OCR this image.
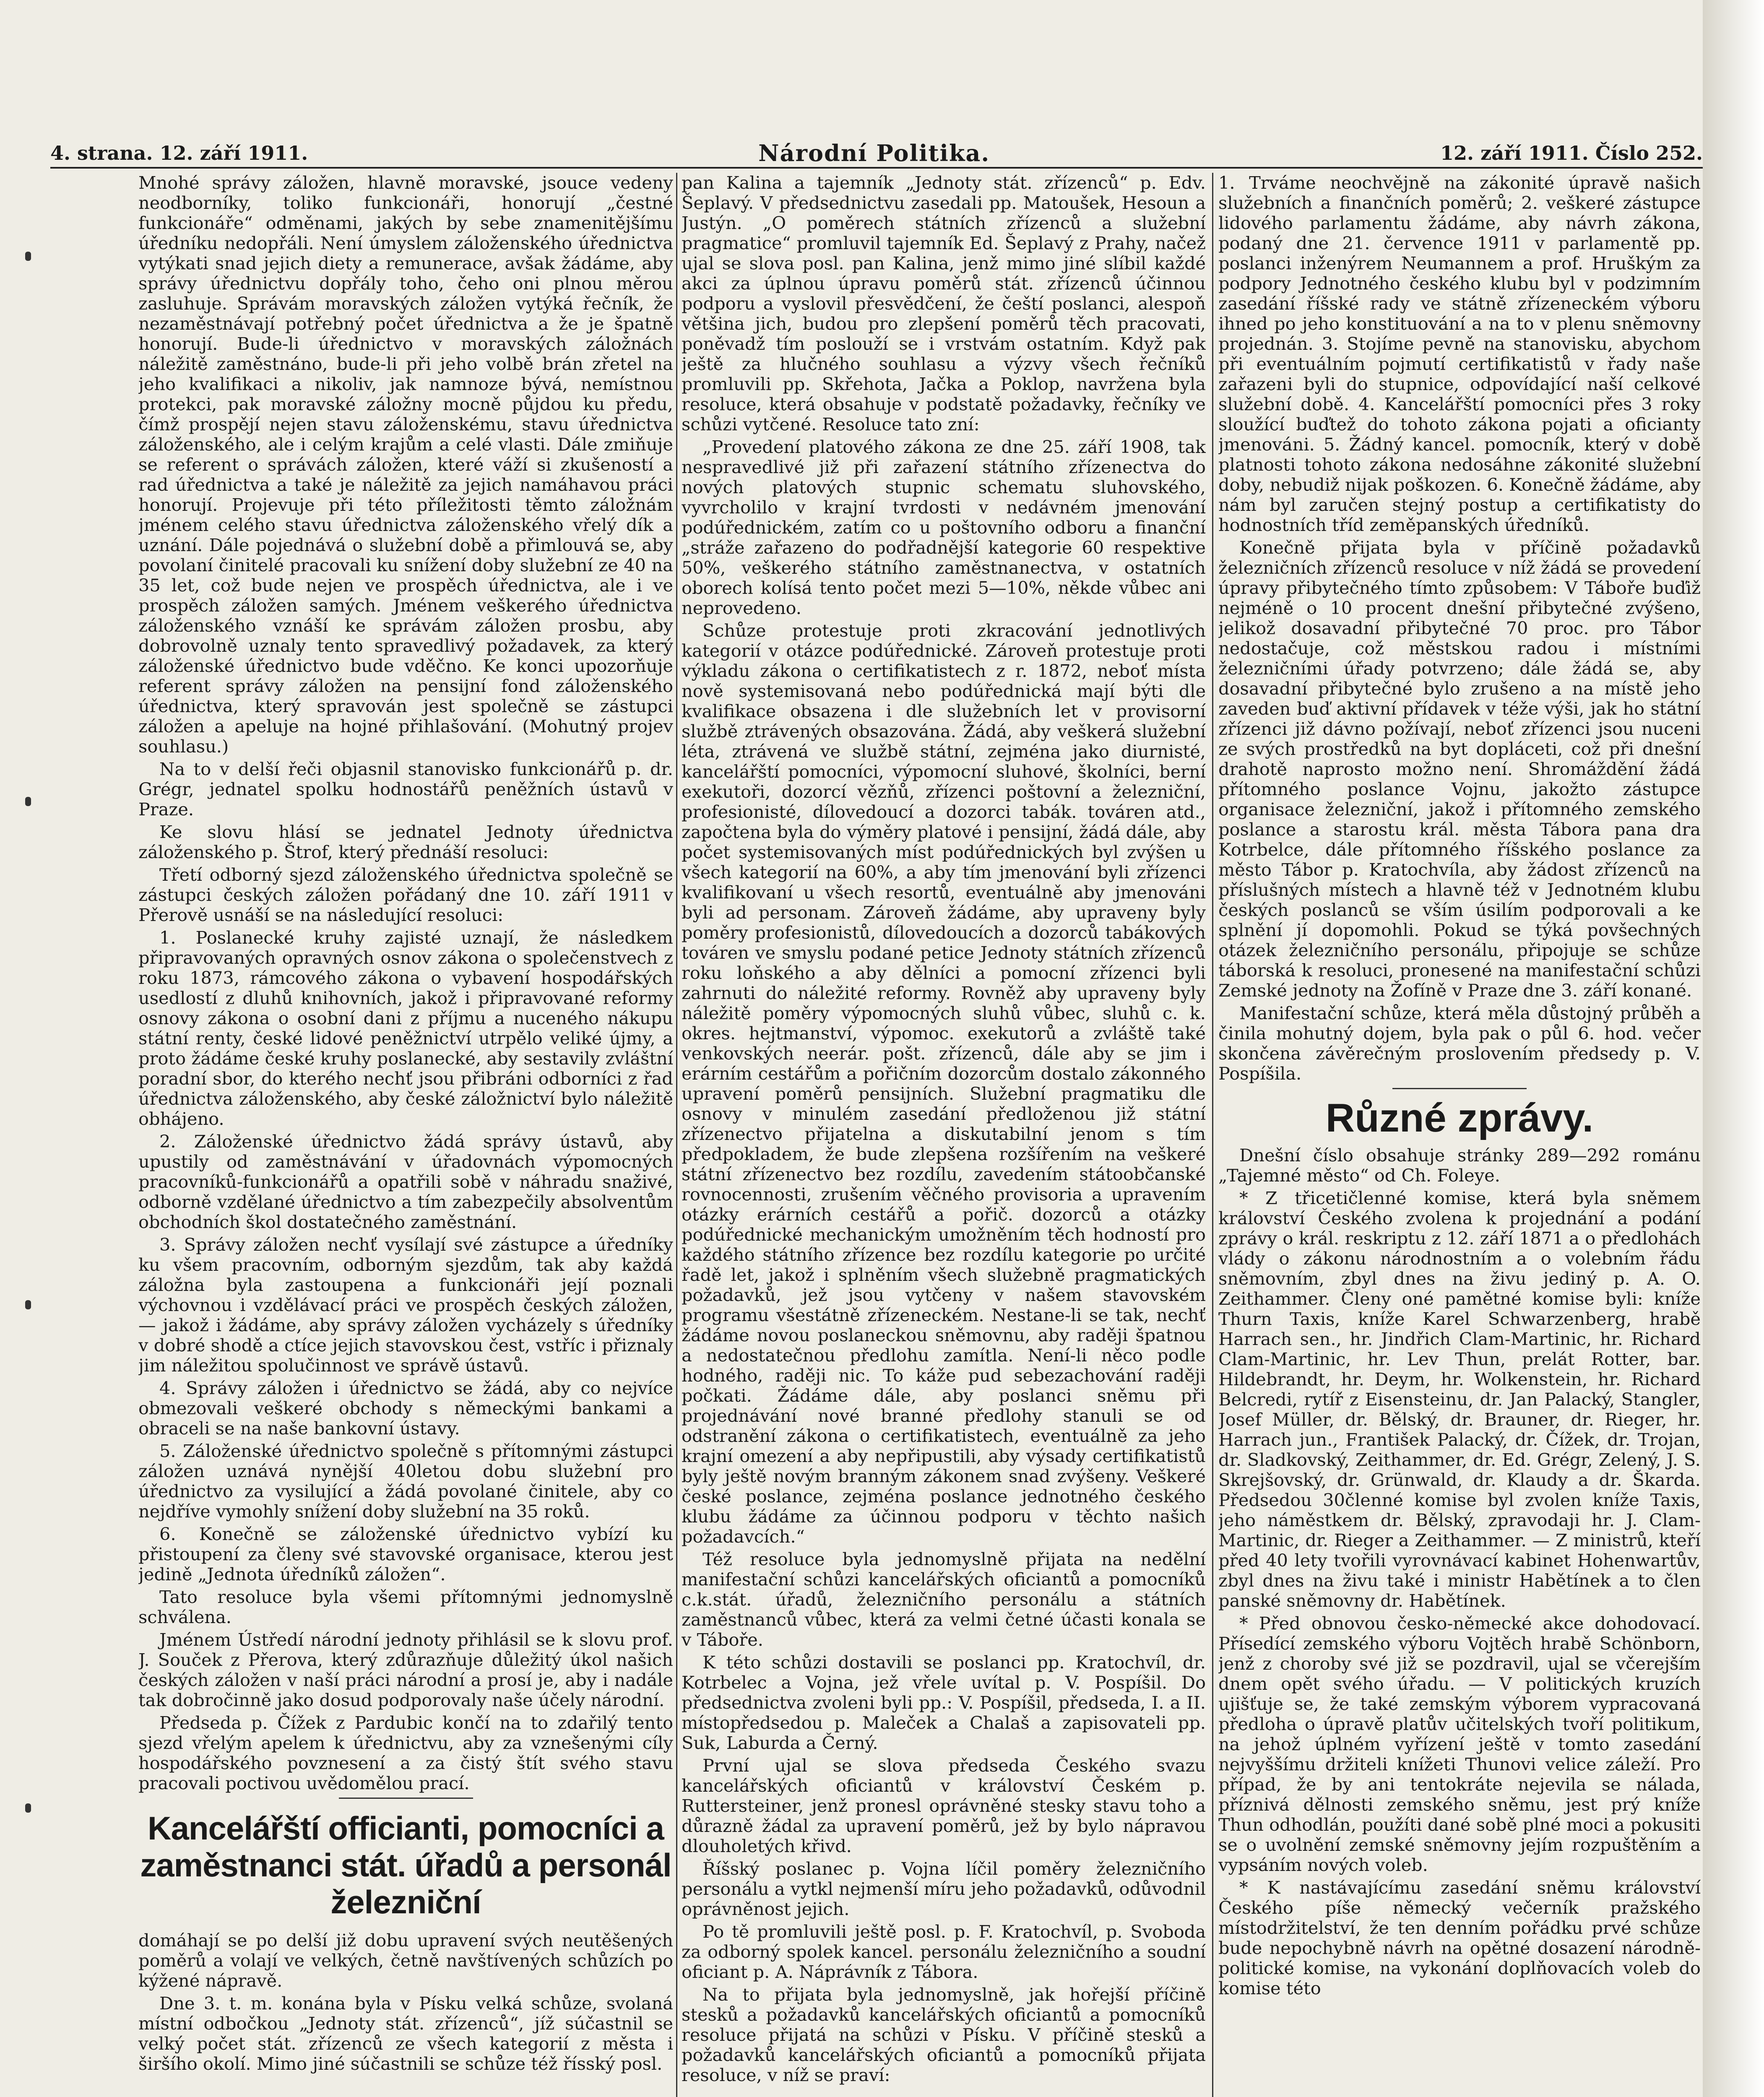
4. strana. 12. září 1911.	Národní Politika.	12. září 1911. Číslo 252.

Mnohé správy záložen, hlavně moravské, jsouce vedeny neodborníky, toliko funkcionáři, honorují „čestné funkcionáře“ odměnami, jakých by sebe znamenitějšímu úředníku nedopřáli. Není úmyslem záloženského úřednictva vytýkati snad jejich diety a remunerace, avšak žádáme, aby správy úřednictvu dopřály toho, čeho oni plnou měrou zasluhuje. Správám moravských záložen vytýká řečník, že nezaměstnávají potřebný počet úřednictva a že je špatně honorují. Bude-li úřednictvo v moravských záložnách náležitě zaměstnáno, bude-li při jeho volbě brán zřetel na jeho kvalifikaci a nikoliv, jak namnoze bývá, nemístnou protekci, pak moravské záložny mocně půjdou ku předu, čímž prospějí nejen stavu záloženskému, stavu úřednictva záloženského, ale i celým krajům a celé vlasti. Dále zmiňuje se referent o správách záložen, které váží si zkušeností a rad úřednictva a také je náležitě za jejich namáhavou práci honorují. Projevuje při této příležitosti těmto záložnám jménem celého stavu úřednictva záloženského vřelý dík a uznání. Dále pojednává o služební době a přimlouvá se, aby povolaní činitelé pracovali ku snížení doby služební ze 40 na 35 let, což bude nejen ve prospěch úřednictva, ale i ve prospěch záložen samých. Jménem veškerého úřednictva záloženského vznáší ke správám záložen prosbu, aby dobrovolně uznaly tento spravedlivý požadavek, za který záloženské úřednictvo bude vděčno. Ke konci upozorňuje referent správy záložen na pensijní fond záloženského úřednictva, který spravován jest společně se zástupci záložen a apeluje na hojné přihlašování. (Mohutný projev souhlasu.)

Na to v delší řeči objasnil stanovisko funkcionářů p. dr. Grégr, jednatel spolku hodnostářů peněžních ústavů v Praze.

Ke slovu hlásí se jednatel Jednoty úřednictva záloženského p. Štrof, který přednáší resoluci:

Třetí odborný sjezd záloženského úřednictva společně se zástupci českých záložen pořádaný dne 10. září 1911 v Přerově usnáší se na následující resoluci:

1. Poslanecké kruhy zajisté uznají, že následkem připravovaných opravných osnov zákona o společenstvech z roku 1873, rámcového zákona o vybavení hospodářských usedlostí z dluhů knihovních, jakož i připravované reformy osnovy zákona o osobní dani z příjmu a nuceného nákupu státní renty, české lidové peněžnictví utrpělo veliké újmy, a proto žádáme české kruhy poslanecké, aby sestavily zvláštní poradní sbor, do kterého nechť jsou přibráni odborníci z řad úřednictva záloženského, aby české záložnictví bylo náležitě obhájeno.

2. Záloženské úřednictvo žádá správy ústavů, aby upustily od zaměstnávání v úřadovnách výpomocných pracovníků-funkcionářů a opatřili sobě v náhradu snaživé, odborně vzdělané úřednictvo a tím zabezpečily absolventům obchodních škol dostatečného zaměstnání.

3. Správy záložen nechť vysílají své zástupce a úředníky ku všem pracovním, odborným sjezdům, tak aby každá záložna byla zastoupena a funkcionáři její poznali výchovnou i vzdělávací práci ve prospěch českých záložen, — jakož i žádáme, aby správy záložen vycházely s úředníky v dobré shodě a ctíce jejich stavovskou čest, vstříc i přiznaly jim náležitou spolučinnost ve správě ústavů.

4. Správy záložen i úřednictvo se žádá, aby co nejvíce obmezovali veškeré obchody s německými bankami a obraceli se na naše bankovní ústavy.

5. Záloženské úřednictvo společně s přítomnými zástupci záložen uznává nynější 40letou dobu služební pro úřednictvo za vysilující a žádá povolané činitele, aby co nejdříve vymohly snížení doby služební na 35 roků.

6. Konečně se záloženské úřednictvo vybízí ku přistoupení za členy své stavovské organisace, kterou jest jedině „Jednota úředníků záložen“.

Tato resoluce byla všemi přítomnými jednomyslně schválena.

Jménem Ústředí národní jednoty přihlásil se k slovu prof. J. Souček z Přerova, který zdůrazňuje důležitý úkol našich českých záložen v naší práci národní a prosí je, aby i nadále tak dobročinně jako dosud podporovaly naše účely národní.

Předseda p. Čížek z Pardubic končí na to zdařilý tento sjezd vřelým apelem k úřednictvu, aby za vznešenými cíly hospodářského povznesení a za čistý štít svého stavu pracovali poctivou uvědomělou prací.

Kancelářští officianti, pomocníci a zaměstnanci stát. úřadů a personál železniční

domáhají se po delší již dobu upravení svých neutěšených poměrů a volají ve velkých, četně navštívených schůzích po kýžené nápravě.

Dne 3. t. m. konána byla v Písku velká schůze, svolaná místní odbočkou „Jednoty stát. zřízenců“, jíž súčastnil se velký počet stát. zřízenců ze všech kategorií z města i širšího okolí. Mimo jiné súčastnili se schůze též řísský posl.

pan Kalina a tajemník „Jednoty stát. zřízenců“ p. Edv. Šeplavý. V předsednictvu zasedali pp. Matoušek, Hesoun a Justýn. „O poměrech státních zřízenců a služební pragmatice“ promluvil tajemník Ed. Šeplavý z Prahy, načež ujal se slova posl. pan Kalina, jenž mimo jiné slíbil každé akci za úplnou úpravu poměrů stát. zřízenců účinnou podporu a vyslovil přesvědčení, že čeští poslanci, alespoň většina jich, budou pro zlepšení poměrů těch pracovati, poněvadž tím poslouží se i vrstvám ostatním. Když pak ještě za hlučného souhlasu a výzvy všech řečníků promluvili pp. Skřehota, Jačka a Poklop, navržena byla resoluce, která obsahuje v podstatě požadavky, řečníky ve schůzi vytčené. Resoluce tato zní:

„Provedení platového zákona ze dne 25. září 1908, tak nespravedlivé již při zařazení státního zřízenectva do nových platových stupnic schematu sluhovského, vyvrcholilo v krajní tvrdosti v nedávném jmenování podúřednickém, zatím co u poštovního odboru a finanční „stráže zařazeno do podřadnější kategorie 60 respektive 50%, veškerého státního zaměstnanectva, v ostatních oborech kolísá tento počet mezi 5—10%, někde vůbec ani neprovedeno.

Schůze protestuje proti zkracování jednotlivých kategorií v otázce podúřednické. Zároveň protestuje proti výkladu zákona o certifikatistech z r. 1872, neboť místa nově systemisovaná nebo podúřednická mají býti dle kvalifikace obsazena i dle služebních let v provisorní službě ztrávených obsazována. Žádá, aby veškerá služební léta, ztrávená ve službě státní, zejména jako diurnisté, kancelářští pomocníci, výpomocní sluhové, školníci, berní exekutoři, dozorcí vězňů, zřízenci poštovní a železniční, profesionisté, dílovedoucí a dozorci tabák. továren atd., započtena byla do výměry platové i pensijní, žádá dále, aby počet systemisovaných míst podúřednických byl zvýšen u všech kategorií na 60%, a aby tím jmenování byli zřízenci kvalifikovaní u všech resortů, eventuálně aby jmenováni byli ad personam. Zároveň žádáme, aby upraveny byly poměry profesionistů, dílovedoucích a dozorců tabákových továren ve smyslu podané petice Jednoty státních zřízenců roku loňského a aby dělníci a pomocní zřízenci byli zahrnuti do náležité reformy. Rovněž aby upraveny byly náležitě poměry výpomocných sluhů vůbec, sluhů c. k. okres. hejtmanství, výpomoc. exekutorů a zvláště také venkovských neerár. pošt. zřízenců, dále aby se jim i erárním cestářům a pořičním dozorcům dostalo zákonného upravení poměrů pensijních. Služební pragmatiku dle osnovy v minulém zasedání předloženou již státní zřízenectvo přijatelna a diskutabilní jenom s tím předpokladem, že bude zlepšena rozšířením na veškeré státní zřízenectvo bez rozdílu, zavedením státoobčanské rovnocennosti, zrušením věčného provisoria a upravením otázky erárních cestářů a pořič. dozorců a otázky podúřednické mechanickým umožněním těch hodností pro každého státního zřízence bez rozdílu kategorie po určité řadě let, jakož i splněním všech služebně pragmatických požadavků, jež jsou vytčeny v našem stavovském programu všestátně zřízeneckém. Nestane-li se tak, nechť žádáme novou poslaneckou sněmovnu, aby raději špatnou a nedostatečnou předlohu zamítla. Není-li něco podle hodného, raději nic. To káže pud sebezachování raději počkati. Žádáme dále, aby poslanci sněmu při projednávání nové branné předlohy stanuli se od odstranění zákona o certifikatistech, eventuálně za jeho krajní omezení a aby nepřipustili, aby výsady certifikatistů byly ještě novým branným zákonem snad zvýšeny. Veškeré české poslance, zejména poslance jednotného českého klubu žádáme za účinnou podporu v těchto našich požadavcích.“

Též resoluce byla jednomyslně přijata na nedělní manifestační schůzi kancelářských oficiantů a pomocníků c.k.stát. úřadů, železničního personálu a státních zaměstnanců vůbec, která za velmi četné účasti konala se v Táboře.

K této schůzi dostavili se poslanci pp. Kratochvíl, dr. Kotrbelec a Vojna, jež vřele uvítal p. V. Pospíšil. Do předsednictva zvoleni byli pp.: V. Pospíšil, předseda, I. a II. místopředsedou p. Maleček a Chalaš a zapisovateli pp. Suk, Laburda a Černý.

První ujal se slova předseda Českého svazu kancelářských oficiantů v království Českém p. Ruttersteiner, jenž pronesl oprávněné stesky stavu toho a důrazně žádal za upravení poměrů, jež by bylo nápravou dlouholetých křivd.

Říšský poslanec p. Vojna líčil poměry železničního personálu a vytkl nejmenší míru jeho požadavků, odůvodnil oprávněnost jejich.

Po tě promluvili ještě posl. p. F. Kratochvíl, p. Svoboda za odborný spolek kancel. personálu železničního a soudní oficiant p. A. Náprávník z Tábora.

Na to přijata byla jednomyslně, jak hořejší příčině stesků a požadavků kancelářských oficiantů a pomocníků resoluce přijatá na schůzi v Písku. V příčině stesků a požadavků kancelářských oficiantů a pomocníků přijata resoluce, v níž se praví:

1. Trváme neochvějně na zákonité úpravě našich služebních a finančních poměrů; 2. veškeré zástupce lidového parlamentu žádáme, aby návrh zákona, podaný dne 21. července 1911 v parlamentě pp. poslanci inženýrem Neumannem a prof. Hruškým za podpory Jednotného českého klubu byl v podzimním zasedání říšské rady ve státně zřízeneckém výboru ihned po jeho konstituování a na to v plenu sněmovny projednán. 3. Stojíme pevně na stanovisku, abychom při eventuálním pojmutí certifikatistů v řady naše zařazeni byli do stupnice, odpovídající naší celkové služební době. 4. Kancelářští pomocníci přes 3 roky sloužící buďtež do tohoto zákona pojati a oficianty jmenováni. 5. Žádný kancel. pomocník, který v době platnosti tohoto zákona nedosáhne zákonité služební doby, nebudiž nijak poškozen. 6. Konečně žádáme, aby nám byl zaručen stejný postup a certifikatisty do hodnostních tříd zeměpanských úředníků.

Konečně přijata byla v příčině požadavků železničních zřízenců resoluce v níž žádá se provedení úpravy přibytečného tímto způsobem: V Táboře buďiž nejméně o 10 procent dnešní přibytečné zvýšeno, jelikož dosavadní přibytečné 70 proc. pro Tábor nedostačuje, což městskou radou i místními železničními úřady potvrzeno; dále žádá se, aby dosavadní přibytečné bylo zrušeno a na místě jeho zaveden buď aktivní přídavek v téže výši, jak ho státní zřízenci již dávno požívají, neboť zřízenci jsou nuceni ze svých prostředků na byt dopláceti, což při dnešní drahotě naprosto možno není. Shromáždění žádá přítomného poslance Vojnu, jakožto zástupce organisace železniční, jakož i přítomného zemského poslance a starostu král. města Tábora pana dra Kotrbelce, dále přítomného říšského poslance za město Tábor p. Kratochvíla, aby žádost zřízenců na příslušných místech a hlavně též v Jednotném klubu českých poslanců se vším úsilím podporovali a ke splnění jí dopomohli. Pokud se týká povšechných otázek železničního personálu, připojuje se schůze táborská k resoluci, pronesené na manifestační schůzi Zemské jednoty na Žofíně v Praze dne 3. září konané.

Manifestační schůze, která měla důstojný průběh a činila mohutný dojem, byla pak o půl 6. hod. večer skončena závěrečným proslovením předsedy p. V. Pospíšila.

Různé zprávy.

Dnešní číslo obsahuje stránky 289—292 románu „Tajemné město“ od Ch. Foleye.

* Z třicetičlenné komise, která byla sněmem království Českého zvolena k projednání a podání zprávy o král. reskriptu z 12. září 1871 a o předlohách vlády o zákonu národnostním a o volebním řádu sněmovním, zbyl dnes na živu jediný p. A. O. Zeithammer. Členy oné pamětné komise byli: kníže Thurn Taxis, kníže Karel Schwarzenberg, hrabě Harrach sen., hr. Jindřich Clam-Martinic, hr. Richard Clam-Martinic, hr. Lev Thun, prelát Rotter, bar. Hildebrandt, hr. Deym, hr. Wolkenstein, hr. Richard Belcredi, rytíř z Eisensteinu, dr. Jan Palacký, Stangler, Josef Müller, dr. Bělský, dr. Brauner, dr. Rieger, hr. Harrach jun., František Palacký, dr. Čížek, dr. Trojan, dr. Sladkovský, Zeithammer, dr. Ed. Grégr, Zelený, J. S. Skrejšovský, dr. Grünwald, dr. Klaudy a dr. Škarda. Předsedou 30členné komise byl zvolen kníže Taxis, jeho náměstkem dr. Bělský, zpravodaji hr. J. Clam-Martinic, dr. Rieger a Zeithammer. — Z ministrů, kteří před 40 lety tvořili vyrovnávací kabinet Hohenwartův, zbyl dnes na živu také i ministr Habětínek a to člen panské sněmovny dr. Habětínek.

* Před obnovou česko-německé akce dohodovací. Přísedící zemského výboru Vojtěch hrabě Schönborn, jenž z choroby své již se pozdravil, ujal se včerejším dnem opět svého úřadu. — V politických kruzích ujišťuje se, že také zemským výborem vypracovaná předloha o úpravě platův učitelských tvoří politikum, na jehož úplném vyřízení ještě v tomto zasedání nejvyššímu držiteli knížeti Thunovi velice záleží. Pro případ, že by ani tentokráte nejevila se nálada, příznivá dělnosti zemského sněmu, jest prý kníže Thun odhodlán, použíti dané sobě plné moci a pokusiti se o uvolnění zemské sněmovny jejím rozpuštěním a vypsáním nových voleb.

* K nastávajícímu zasedání sněmu království Českého píše německý večerník pražského místodržitelství, že ten denním pořádku prvé schůze bude nepochybně návrh na opětné dosazení národně-politické komise, na vykonání doplňovacích voleb do komise této
